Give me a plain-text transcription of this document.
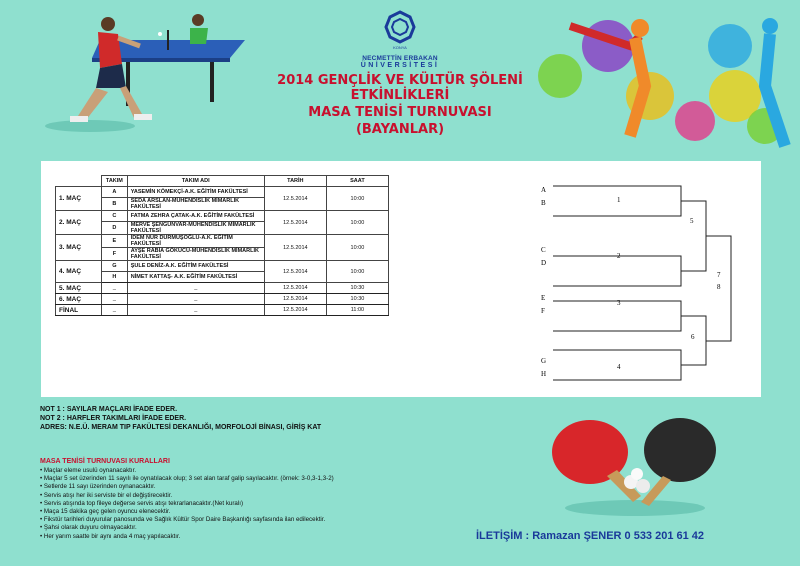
KONYA
NECMETTİN ERBAKAN
ÜNİVERSİTESİ
2014 GENÇLİK VE KÜLTÜR ŞÖLENİ ETKİNLİKLERİ
MASA TENİSİ TURNUVASI
(BAYANLAR)
	TAKIM	TAKIM ADI	TARİH	SAAT
1. MAÇ	A	YASEMİN KÖMEKÇİ-A.K. EĞİTİM FAKÜLTESİ	12.5.2014	10:00
	B	SEDA ARSLAN-MÜHENDİSLİK MİMARLIK FAKÜLTESİ		
2. MAÇ	C	FATMA ZEHRA ÇATAK-A.K. EĞİTİM FAKÜLTESİ	12.5.2014	10:00
	D	MERVE ŞENGÜNVAR-MÜHENDİSLİK MİMARLIK FAKÜLTESİ		
3. MAÇ	E	İDEM NUR DURMUŞOĞLU-A.K. EĞİTİM FAKÜLTESİ	12.5.2014	10:00
	F	AYŞE RABİA GÖKÜCÜ-MÜHENDİSLİK MİMARLIK FAKÜLTESİ		
4. MAÇ	G	ŞULE DENİZ-A.K. EĞİTİM FAKÜLTESİ	12.5.2014	10:00
	H	NİMET KATTAŞ- A.K. EĞİTİM FAKÜLTESİ		
5. MAÇ	_	_	12.5.2014	10:30
6. MAÇ	_	_	12.5.2014	10:30
FİNAL	_	_	12.5.2014	11:00
A
B
C
D
E
F
G
H
1
2
3
4
5
6
7
8
NOT 1 : SAYILAR MAÇLARI İFADE EDER.
NOT 2 : HARFLER TAKIMLARI İFADE EDER.
ADRES: N.E.Ü. MERAM TIP FAKÜLTESİ DEKANLIĞI, MORFOLOJİ BİNASI, GİRİŞ KAT
MASA TENİSİ TURNUVASI KURALLARI
• Maçlar eleme usulü oynanacaktır.
• Maçlar 5 set üzerinden 11 sayılı ile oynatılacak olup; 3 set alan taraf galip sayılacaktır. (örnek: 3-0,3-1,3-2)
• Setlerde 11 sayı üzerinden oynanacaktır.
• Servis atışı her iki serviste bir el değiştirecektir.
• Servis atışında top fileye değerse servis atışı tekrarlanacaktır.(Net kuralı)
• Maça 15 dakika geç gelen oyuncu elenecektir.
• Fikstür tarihleri duyurular panosunda ve Sağlık Kültür Spor Daire Başkanlığı sayfasında ilan edilecektir.
• Şahsi olarak duyuru olmayacaktır.
• Her yarım saatte bir aynı anda 4 maç yapılacaktır.	İLETİŞİM : Ramazan ŞENER 0 533 201 61 42
